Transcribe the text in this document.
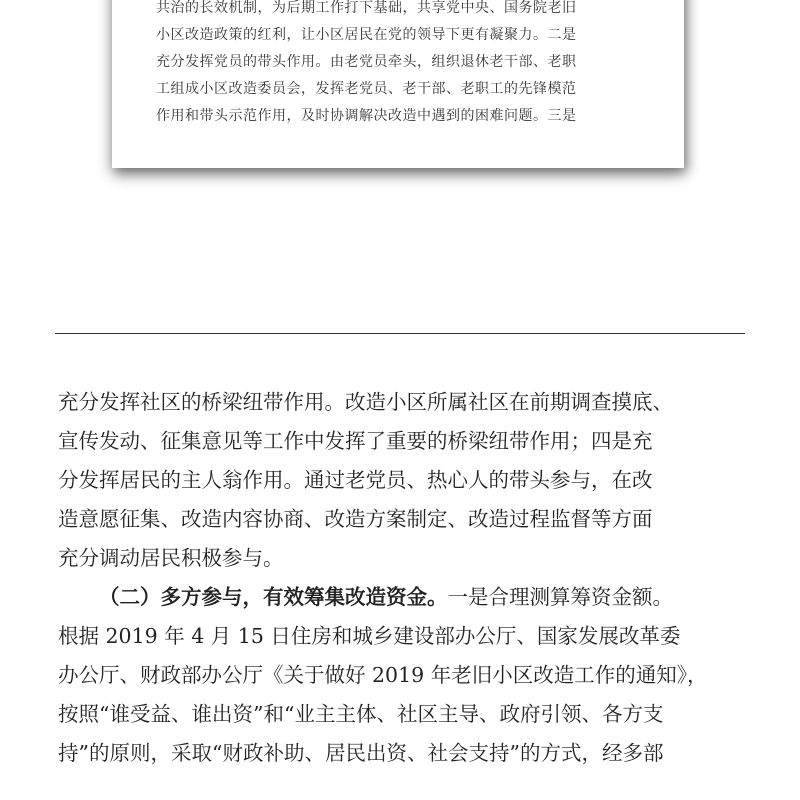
共治的长效机制，为后期工作打下基础，共享党中央、国务院老旧
小区改造政策的红利，让小区居民在党的领导下更有凝聚力。二是
充分发挥党员的带头作用。由老党员牵头，组织退休老干部、老职
工组成小区改造委员会，发挥老党员、老干部、老职工的先锋模范
作用和带头示范作用，及时协调解决改造中遇到的困难问题。三是
充分发挥社区的桥梁纽带作用。改造小区所属社区在前期调查摸底、
宣传发动、征集意见等工作中发挥了重要的桥梁纽带作用；四是充
分发挥居民的主人翁作用。通过老党员、热心人的带头参与，在改
造意愿征集、改造内容协商、改造方案制定、改造过程监督等方面
充分调动居民积极参与。
（二）多方参与，有效筹集改造资金。一是合理测算筹资金额。
根据 2019 年 4 月 15 日住房和城乡建设部办公厅、国家发展改革委
办公厅、财政部办公厅《关于做好 2019 年老旧小区改造工作的通知》，
按照“谁受益、谁出资”和“业主主体、社区主导、政府引领、各方支
持”的原则，采取“财政补助、居民出资、社会支持”的方式，经多部
